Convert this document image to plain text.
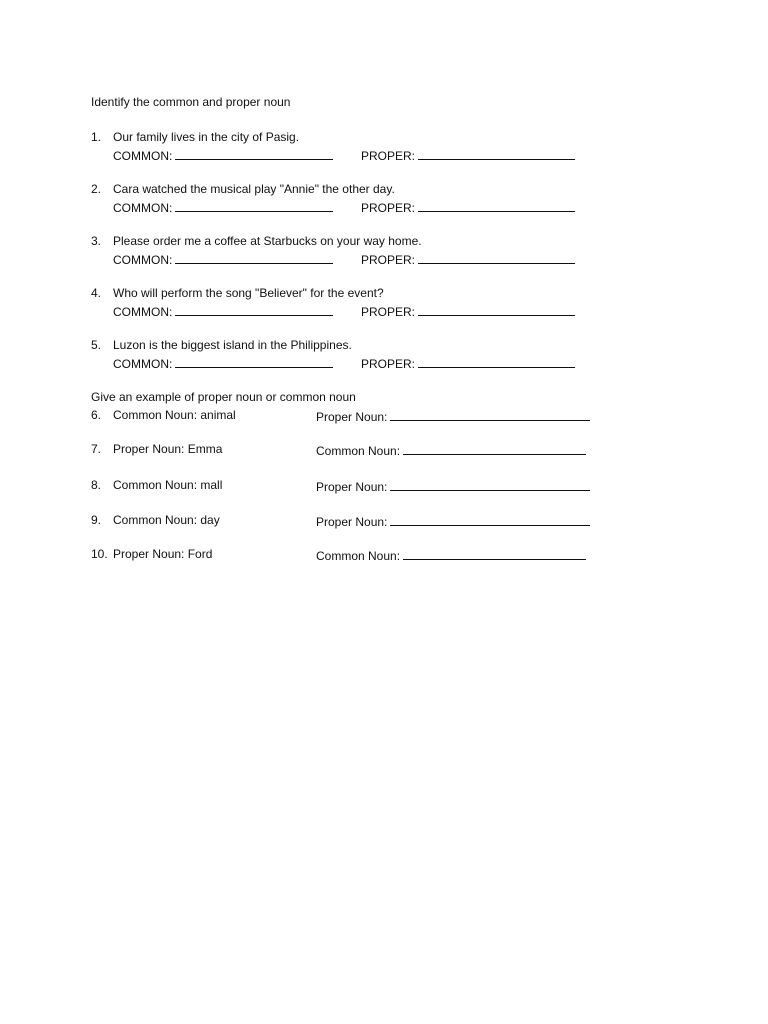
Identify the common and proper noun
1. Our family lives in the city of Pasig.
COMMON:	PROPER:
2. Cara watched the musical play "Annie" the other day.
COMMON:	PROPER:
3. Please order me a coffee at Starbucks on your way home.
COMMON:	PROPER:
4. Who will perform the song "Believer" for the event?
COMMON:	PROPER:
5. Luzon is the biggest island in the Philippines.
COMMON:	PROPER:
Give an example of proper noun or common noun
6. Common Noun: animal	Proper Noun:
7. Proper Noun: Emma	Common Noun:
8. Common Noun: mall	Proper Noun:
9. Common Noun: day	Proper Noun:
10. Proper Noun: Ford	Common Noun:
